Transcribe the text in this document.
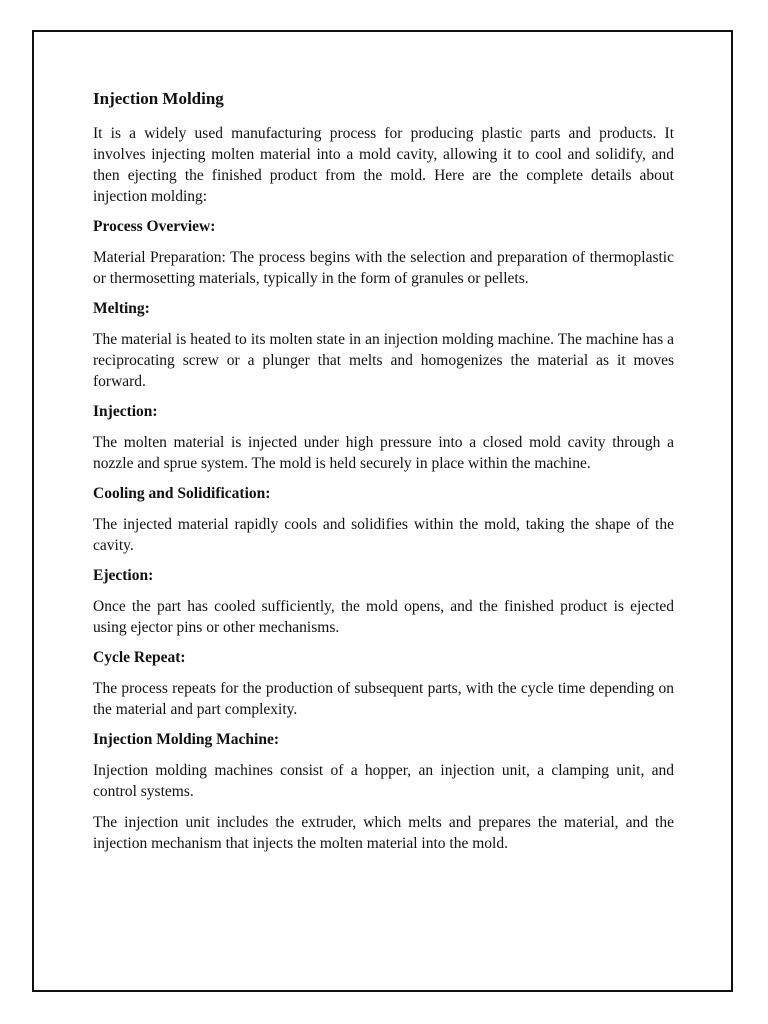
Injection Molding

It is a widely used manufacturing process for producing plastic parts and products. It involves injecting molten material into a mold cavity, allowing it to cool and solidify, and then ejecting the finished product from the mold. Here are the complete details about injection molding:

Process Overview:

Material Preparation: The process begins with the selection and preparation of thermoplastic or thermosetting materials, typically in the form of granules or pellets.

Melting:

The material is heated to its molten state in an injection molding machine. The machine has a reciprocating screw or a plunger that melts and homogenizes the material as it moves forward.

Injection:

The molten material is injected under high pressure into a closed mold cavity through a nozzle and sprue system. The mold is held securely in place within the machine.

Cooling and Solidification:

The injected material rapidly cools and solidifies within the mold, taking the shape of the cavity.

Ejection:

Once the part has cooled sufficiently, the mold opens, and the finished product is ejected using ejector pins or other mechanisms.

Cycle Repeat:

The process repeats for the production of subsequent parts, with the cycle time depending on the material and part complexity.

Injection Molding Machine:

Injection molding machines consist of a hopper, an injection unit, a clamping unit, and control systems.

The injection unit includes the extruder, which melts and prepares the material, and the injection mechanism that injects the molten material into the mold.
